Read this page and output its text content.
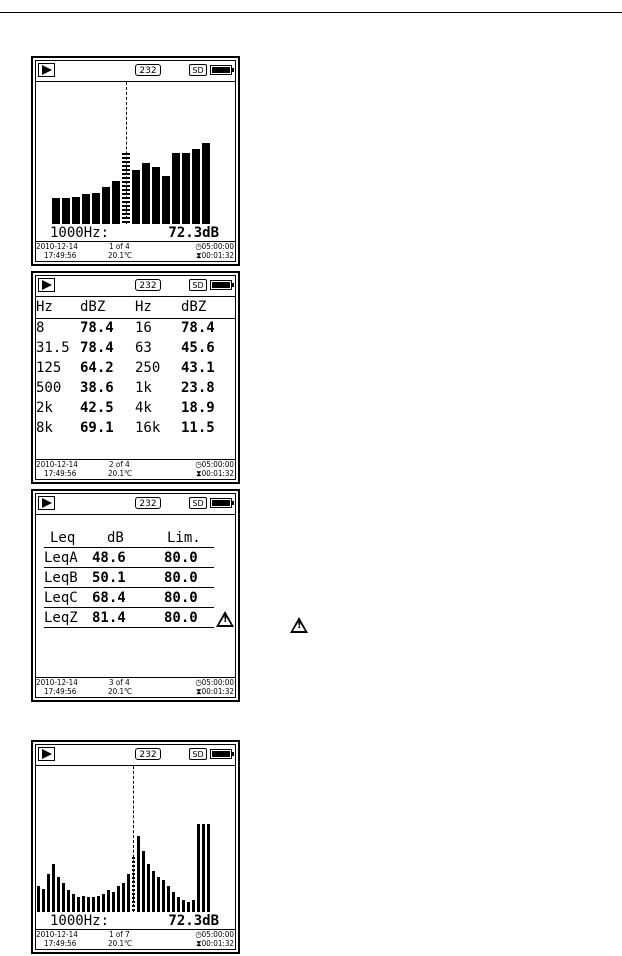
232	SD
1000Hz:	72.3dB
2010-12-14
17:49:56
1 of 4
20.1℃
◷05:00:00
⧗00:01:32
232	SD
Hz dBZ Hz dBZ
8	78.4 16 78.4
31.5 78.4 63 45.6
125 64.2 250 43.1
500 38.6 1k 23.8
2k 42.5 4k 18.9
8k 69.1 16k 11.5
2010-12-14
17:49:56
2 of 4
20.1℃
◷05:00:00
⧗00:01:32
232	SD
Leq dB	Lim.
LeqA 48.6	80.0
LeqB 50.1	80.0
LeqC 68.4	80.0
LeqZ 81.4	80.0
!
2010-12-14
17:49:56
3 of 4
20.1℃
◷05:00:00
⧗00:01:32
!
232	SD
1000Hz:	72.3dB
2010-12-14
17:49:56
1 of 7
20.1℃
◷05:00:00
⧗00:01:32
